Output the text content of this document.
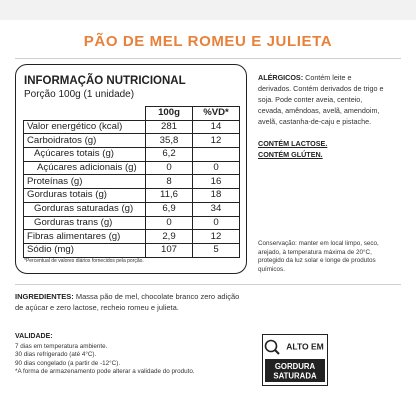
PÃO DE MEL ROMEU E JULIETA
INFORMAÇÃO NUTRICIONAL
Porção 100g (1 unidade)
	100g	%VD*
Valor energético (kcal)	281	14
Carboidratos (g)	35,8	12
Açúcares totais (g)	6,2	
Açúcares adicionais (g)	0	0
Proteínas (g)	8	16
Gorduras totais (g)	11,6	18
Gorduras saturadas (g)	6,9	34
Gorduras trans (g)	0	0
Fibras alimentares (g)	2,9	12
Sódio (mg)	107	5
*Percentual de valores diários fornecidos pela porção.
ALÉRGICOS: Contém leite e derivados. Contém derivados de trigo e soja. Pode conter aveia, centeio, cevada, amêndoas, avelã, amendoim, avelã, castanha-de-caju e pistache.
CONTÉM LACTOSE.
CONTÉM GLÚTEN.
Conservação: manter em local limpo, seco, arejado, à temperatura máxima de 20°C, protegido da luz solar e longe de produtos químicos.
INGREDIENTES: Massa pão de mel, chocolate branco zero adição de açúcar e zero lactose, recheio romeu e julieta.
VALIDADE:
7 dias em temperatura ambiente.
30 dias refrigerado (até 4°C).
90 dias congelado (a partir de -12°C).
*A forma de armazenamento pode alterar a validade do produto.
ALTO EM
GORDURA
SATURADA
